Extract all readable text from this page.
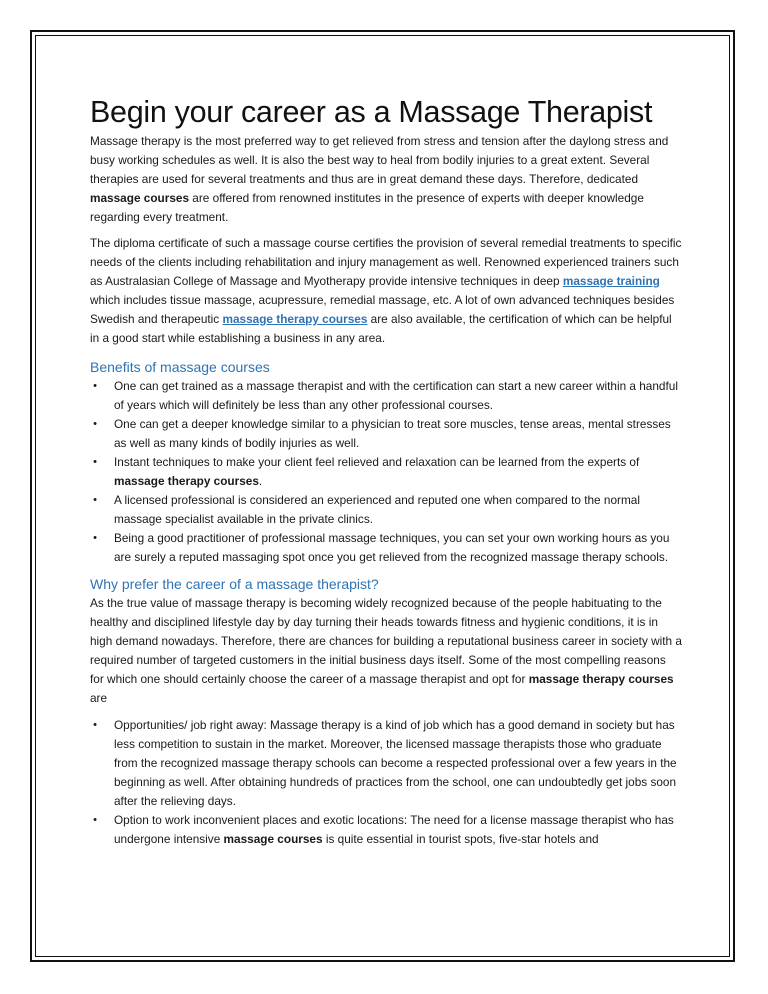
Begin your career as a Massage Therapist

Massage therapy is the most preferred way to get relieved from stress and tension after the daylong stress and busy working schedules as well. It is also the best way to heal from bodily injuries to a great extent. Several therapies are used for several treatments and thus are in great demand these days. Therefore, dedicated massage courses are offered from renowned institutes in the presence of experts with deeper knowledge regarding every treatment.

The diploma certificate of such a massage course certifies the provision of several remedial treatments to specific needs of the clients including rehabilitation and injury management as well. Renowned experienced trainers such as Australasian College of Massage and Myotherapy provide intensive techniques in deep massage training which includes tissue massage, acupressure, remedial massage, etc. A lot of own advanced techniques besides Swedish and therapeutic massage therapy courses are also available, the certification of which can be helpful in a good start while establishing a business in any area.

Benefits of massage courses
• One can get trained as a massage therapist and with the certification can start a new career within a handful of years which will definitely be less than any other professional courses.
• One can get a deeper knowledge similar to a physician to treat sore muscles, tense areas, mental stresses as well as many kinds of bodily injuries as well.
• Instant techniques to make your client feel relieved and relaxation can be learned from the experts of massage therapy courses.
• A licensed professional is considered an experienced and reputed one when compared to the normal massage specialist available in the private clinics.
• Being a good practitioner of professional massage techniques, you can set your own working hours as you are surely a reputed massaging spot once you get relieved from the recognized massage therapy schools.
Why prefer the career of a massage therapist?

As the true value of massage therapy is becoming widely recognized because of the people habituating to the healthy and disciplined lifestyle day by day turning their heads towards fitness and hygienic conditions, it is in high demand nowadays. Therefore, there are chances for building a reputational business career in society with a required number of targeted customers in the initial business days itself. Some of the most compelling reasons for which one should certainly choose the career of a massage therapist and opt for massage therapy courses are

• Opportunities/ job right away: Massage therapy is a kind of job which has a good demand in society but has less competition to sustain in the market. Moreover, the licensed massage therapists those who graduate from the recognized massage therapy schools can become a respected professional over a few years in the beginning as well. After obtaining hundreds of practices from the school, one can undoubtedly get jobs soon after the relieving days.
• Option to work inconvenient places and exotic locations: The need for a license massage therapist who has undergone intensive massage courses is quite essential in tourist spots, five-star hotels and
